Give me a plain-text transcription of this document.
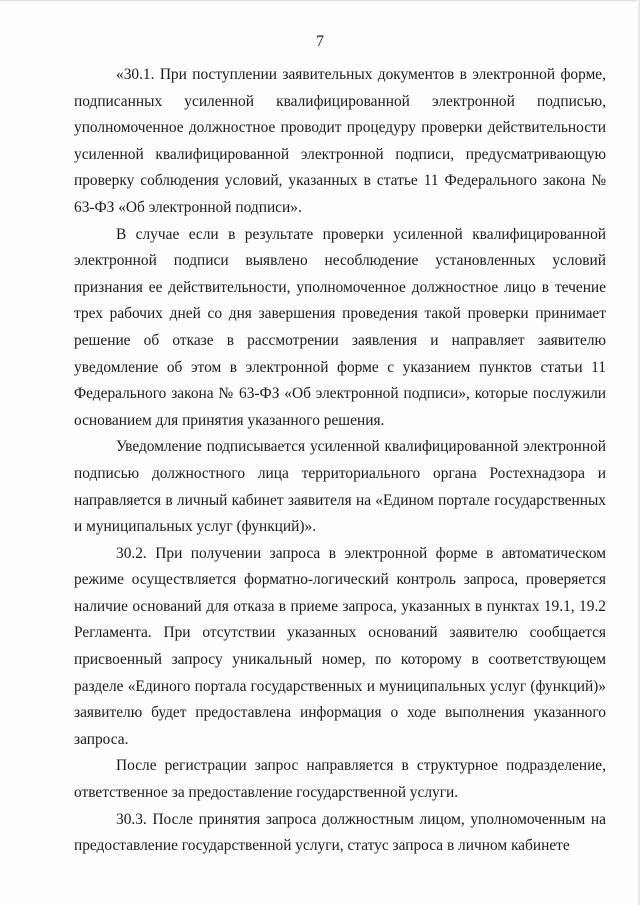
7

«30.1. При поступлении заявительных документов в электронной форме, подписанных усиленной квалифицированной электронной подписью, уполномоченное должностное проводит процедуру проверки действительности усиленной квалифицированной электронной подписи, предусматривающую проверку соблюдения условий, указанных в статье 11 Федерального закона № 63-ФЗ «Об электронной подписи».

В случае если в результате проверки усиленной квалифицированной электронной подписи выявлено несоблюдение установленных условий признания ее действительности, уполномоченное должностное лицо в течение трех рабочих дней со дня завершения проведения такой проверки принимает решение об отказе в рассмотрении заявления и направляет заявителю уведомление об этом в электронной форме с указанием пунктов статьи 11 Федерального закона № 63-ФЗ «Об электронной подписи», которые послужили основанием для принятия указанного решения.

Уведомление подписывается усиленной квалифицированной электронной подписью должностного лица территориального органа Ростехнадзора и направляется в личный кабинет заявителя на «Едином портале государственных и муниципальных услуг (функций)».

30.2. При получении запроса в электронной форме в автоматическом режиме осуществляется форматно-логический контроль запроса, проверяется наличие оснований для отказа в приеме запроса, указанных в пунктах 19.1, 19.2 Регламента. При отсутствии указанных оснований заявителю сообщается присвоенный запросу уникальный номер, по которому в соответствующем разделе «Единого портала государственных и муниципальных услуг (функций)» заявителю будет предоставлена информация о ходе выполнения указанного запроса.

После регистрации запрос направляется в структурное подразделение, ответственное за предоставление государственной услуги.

30.3. После принятия запроса должностным лицом, уполномоченным на предоставление государственной услуги, статус запроса в личном кабинете
